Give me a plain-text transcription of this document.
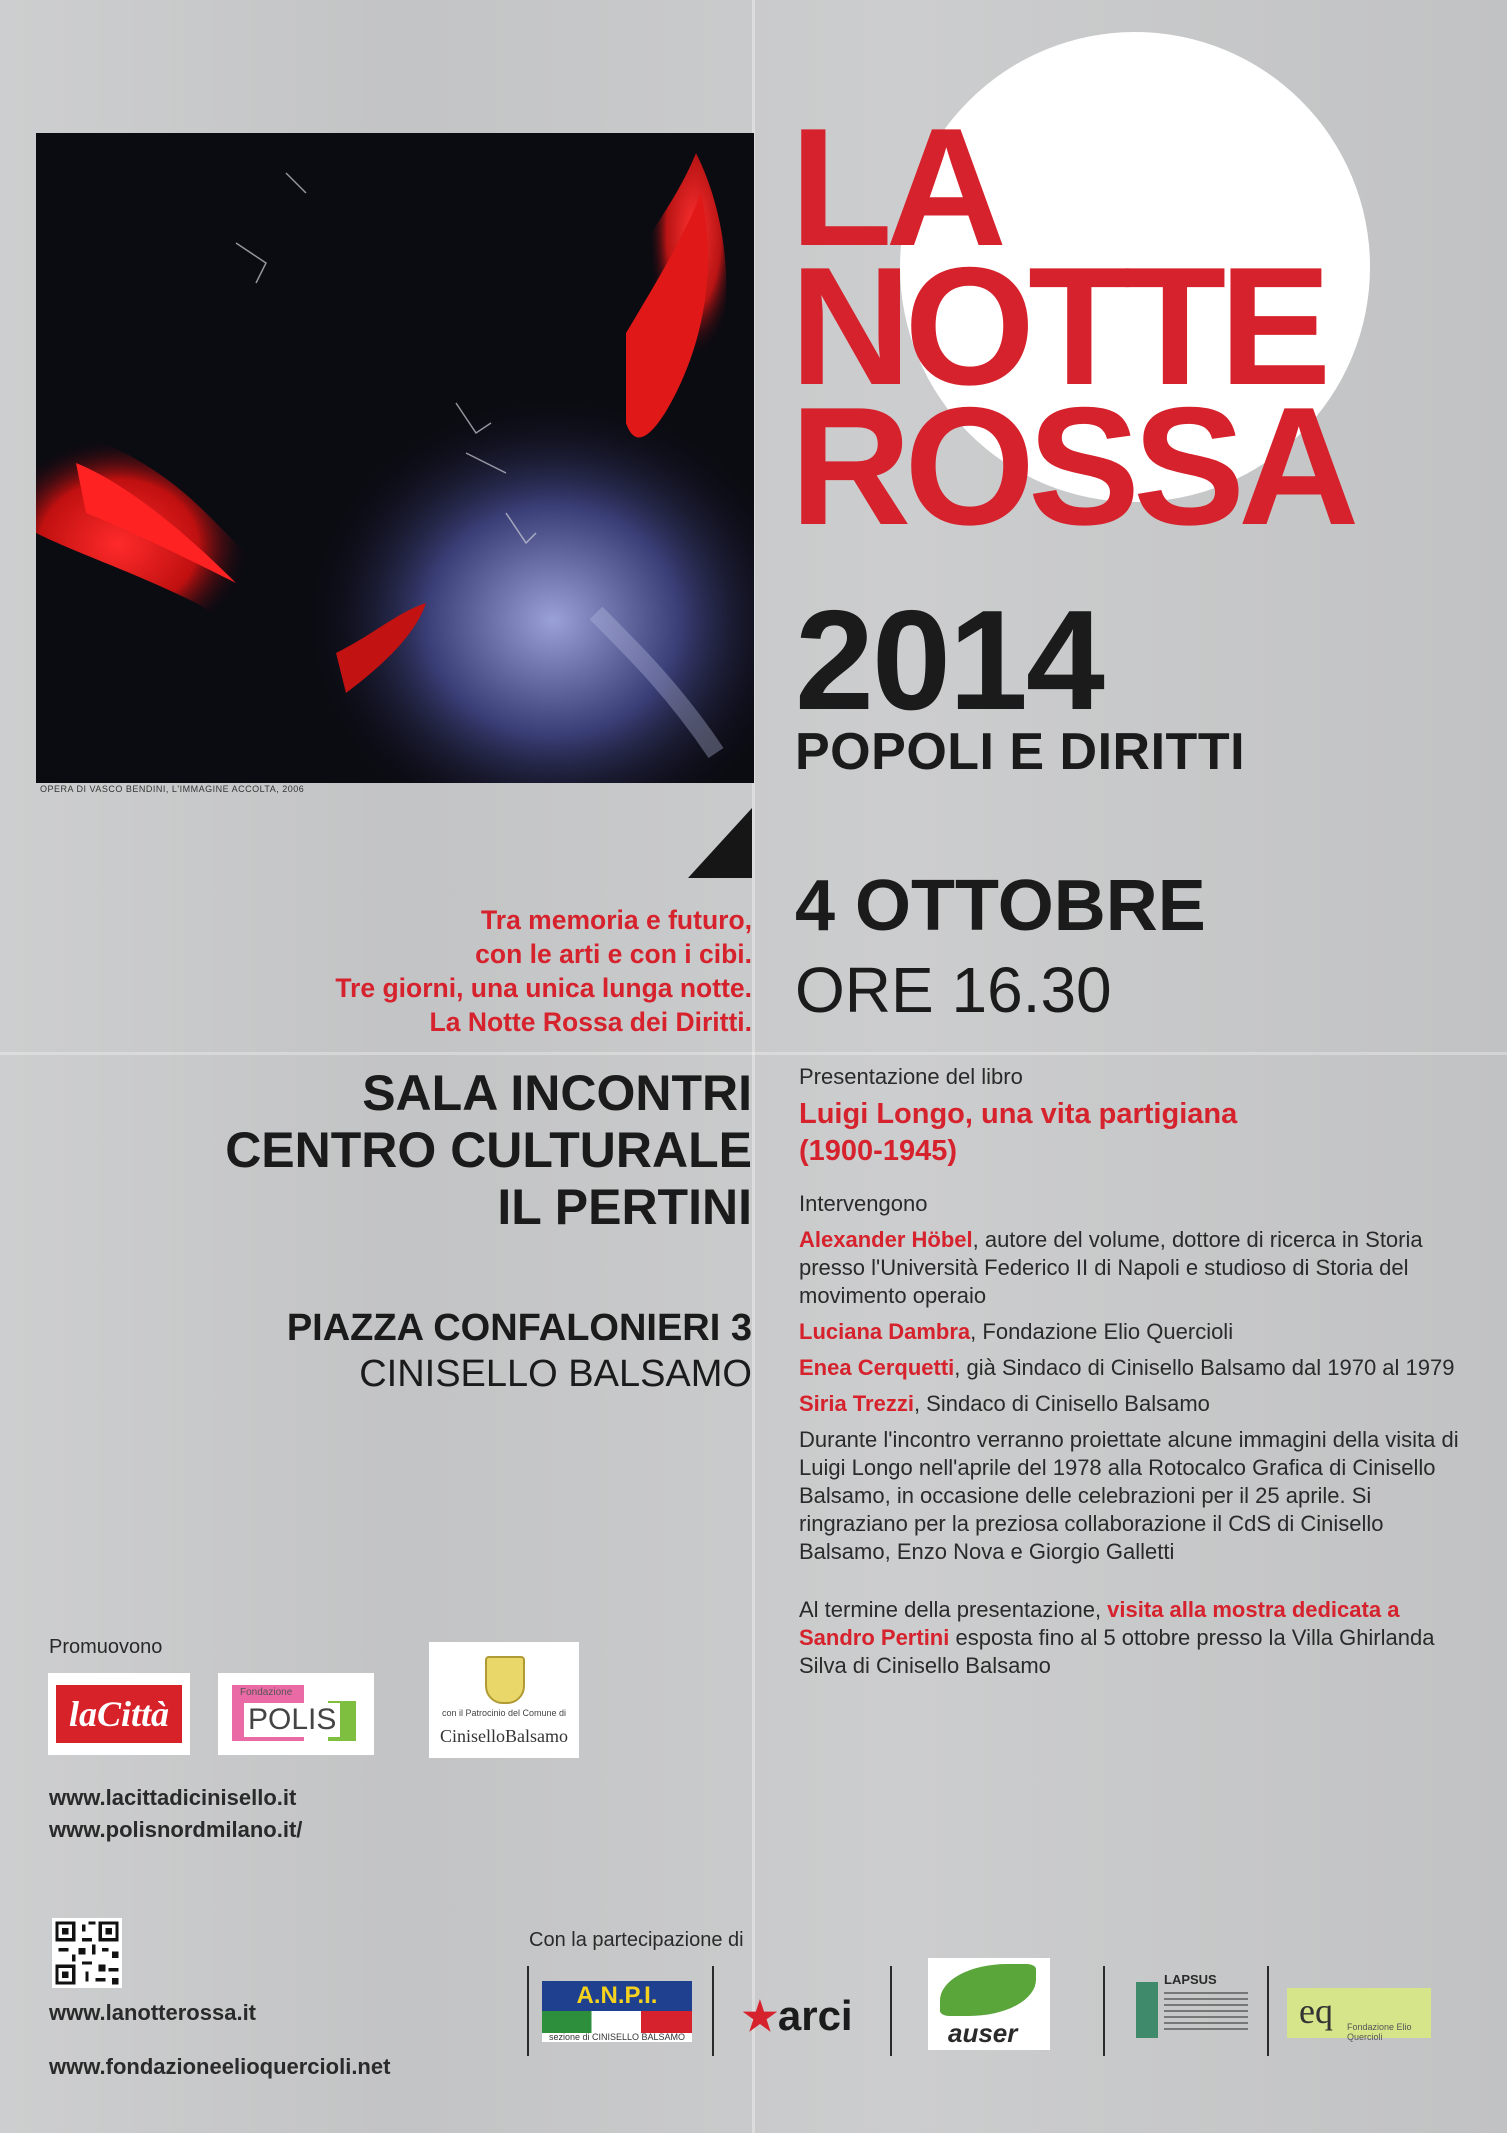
OPERA DI VASCO BENDINI, L'IMMAGINE ACCOLTA, 2006
LA
NOTTE
ROSSA
2014
POPOLI E DIRITTI
Tra memoria e futuro,
con le arti e con i cibi.
Tre giorni, una unica lunga notte.
La Notte Rossa dei Diritti.
4 OTTOBRE
ORE 16.30
SALA INCONTRI
CENTRO CULTURALE
IL PERTINI
PIAZZA CONFALONIERI 3
CINISELLO BALSAMO
Presentazione del libro
Luigi Longo, una vita partigiana
(1900-1945)
Intervengono
Alexander Höbel, autore del volume, dottore di ricerca in Storia presso l'Università Federico II di Napoli e studioso di Storia del movimento operaio
Luciana Dambra, Fondazione Elio Quercioli
Enea Cerquetti, già Sindaco di Cinisello Balsamo dal 1970 al 1979
Siria Trezzi, Sindaco di Cinisello Balsamo
Durante l'incontro verranno proiettate alcune immagini della visita di Luigi Longo nell'aprile del 1978 alla Rotocalco Grafica di Cinisello Balsamo, in occasione delle celebrazioni per il 25 aprile. Si ringraziano per la preziosa collaborazione il CdS di Cinisello Balsamo, Enzo Nova e Giorgio Galletti
Al termine della presentazione, visita alla mostra dedicata a Sandro Pertini esposta fino al 5 ottobre presso la Villa Ghirlanda Silva di Cinisello Balsamo
Promuovono
laCittà
Fondazione
POLIS	con il Patrocinio del Comune di
CiniselloBalsamo
www.lacittadicinisello.it
www.polisnordmilano.it/
www.lanotterossa.it
www.fondazioneelioquercioli.net
Con la partecipazione di
A.N.P.I.
sezione di CINISELLO BALSAMO ★arci	auser
LAPSUS
eq Fondazione Elio Quercioli
